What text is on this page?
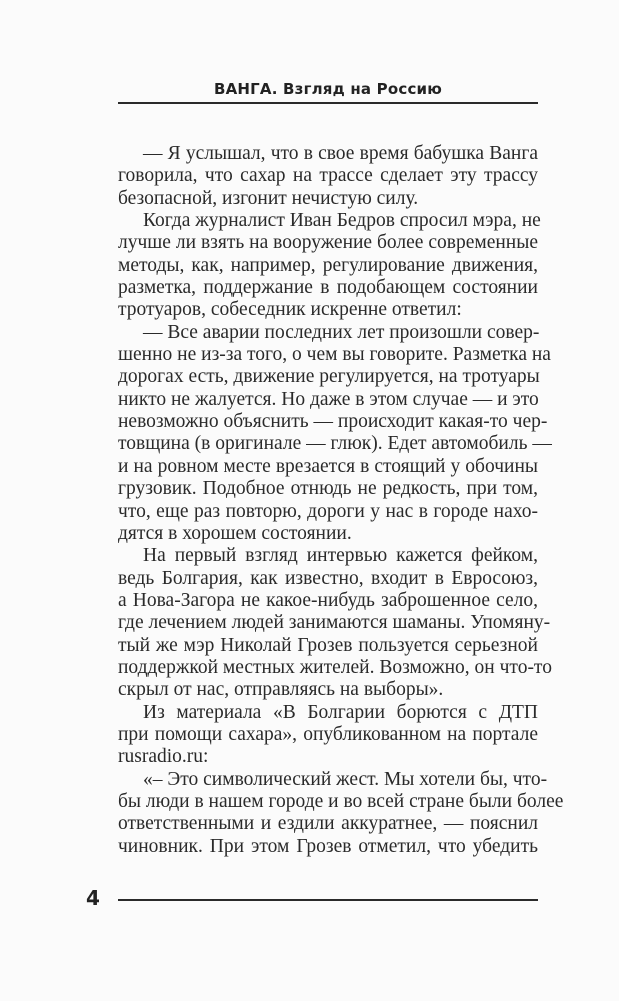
ВАНГА. Взгляд на Россию
— Я услышал, что в свое время бабушка Ванга
говорила, что сахар на трассе сделает эту трассу
безопасной, изгонит нечистую силу.
Когда журналист Иван Бедров спросил мэра, не
лучше ли взять на вооружение более современные
методы, как, например, регулирование движения,
разметка, поддержание в подобающем состоянии
тротуаров, собеседник искренне ответил:
— Все аварии последних лет произошли совер-
шенно не из-за того, о чем вы говорите. Разметка на
дорогах есть, движение регулируется, на тротуары
никто не жалуется. Но даже в этом случае — и это
невозможно объяснить — происходит какая-то чер-
товщина (в оригинале — глюк). Едет автомобиль —
и на ровном месте врезается в стоящий у обочины
грузовик. Подобное отнюдь не редкость, при том,
что, еще раз повторю, дороги у нас в городе нахо-
дятся в хорошем состоянии.
На первый взгляд интервью кажется фейком,
ведь Болгария, как известно, входит в Евросоюз,
а Нова-Загора не какое-нибудь заброшенное село,
где лечением людей занимаются шаманы. Упомяну-
тый же мэр Николай Грозев пользуется серьезной
поддержкой местных жителей. Возможно, он что-то
скрыл от нас, отправляясь на выборы».
Из материала «В Болгарии борются с ДТП
при помощи сахара», опубликованном на портале
rusradio.ru:
«– Это символический жест. Мы хотели бы, что-
бы люди в нашем городе и во всей стране были более
ответственными и ездили аккуратнее, — пояснил
чиновник. При этом Грозев отметил, что убедить
4
